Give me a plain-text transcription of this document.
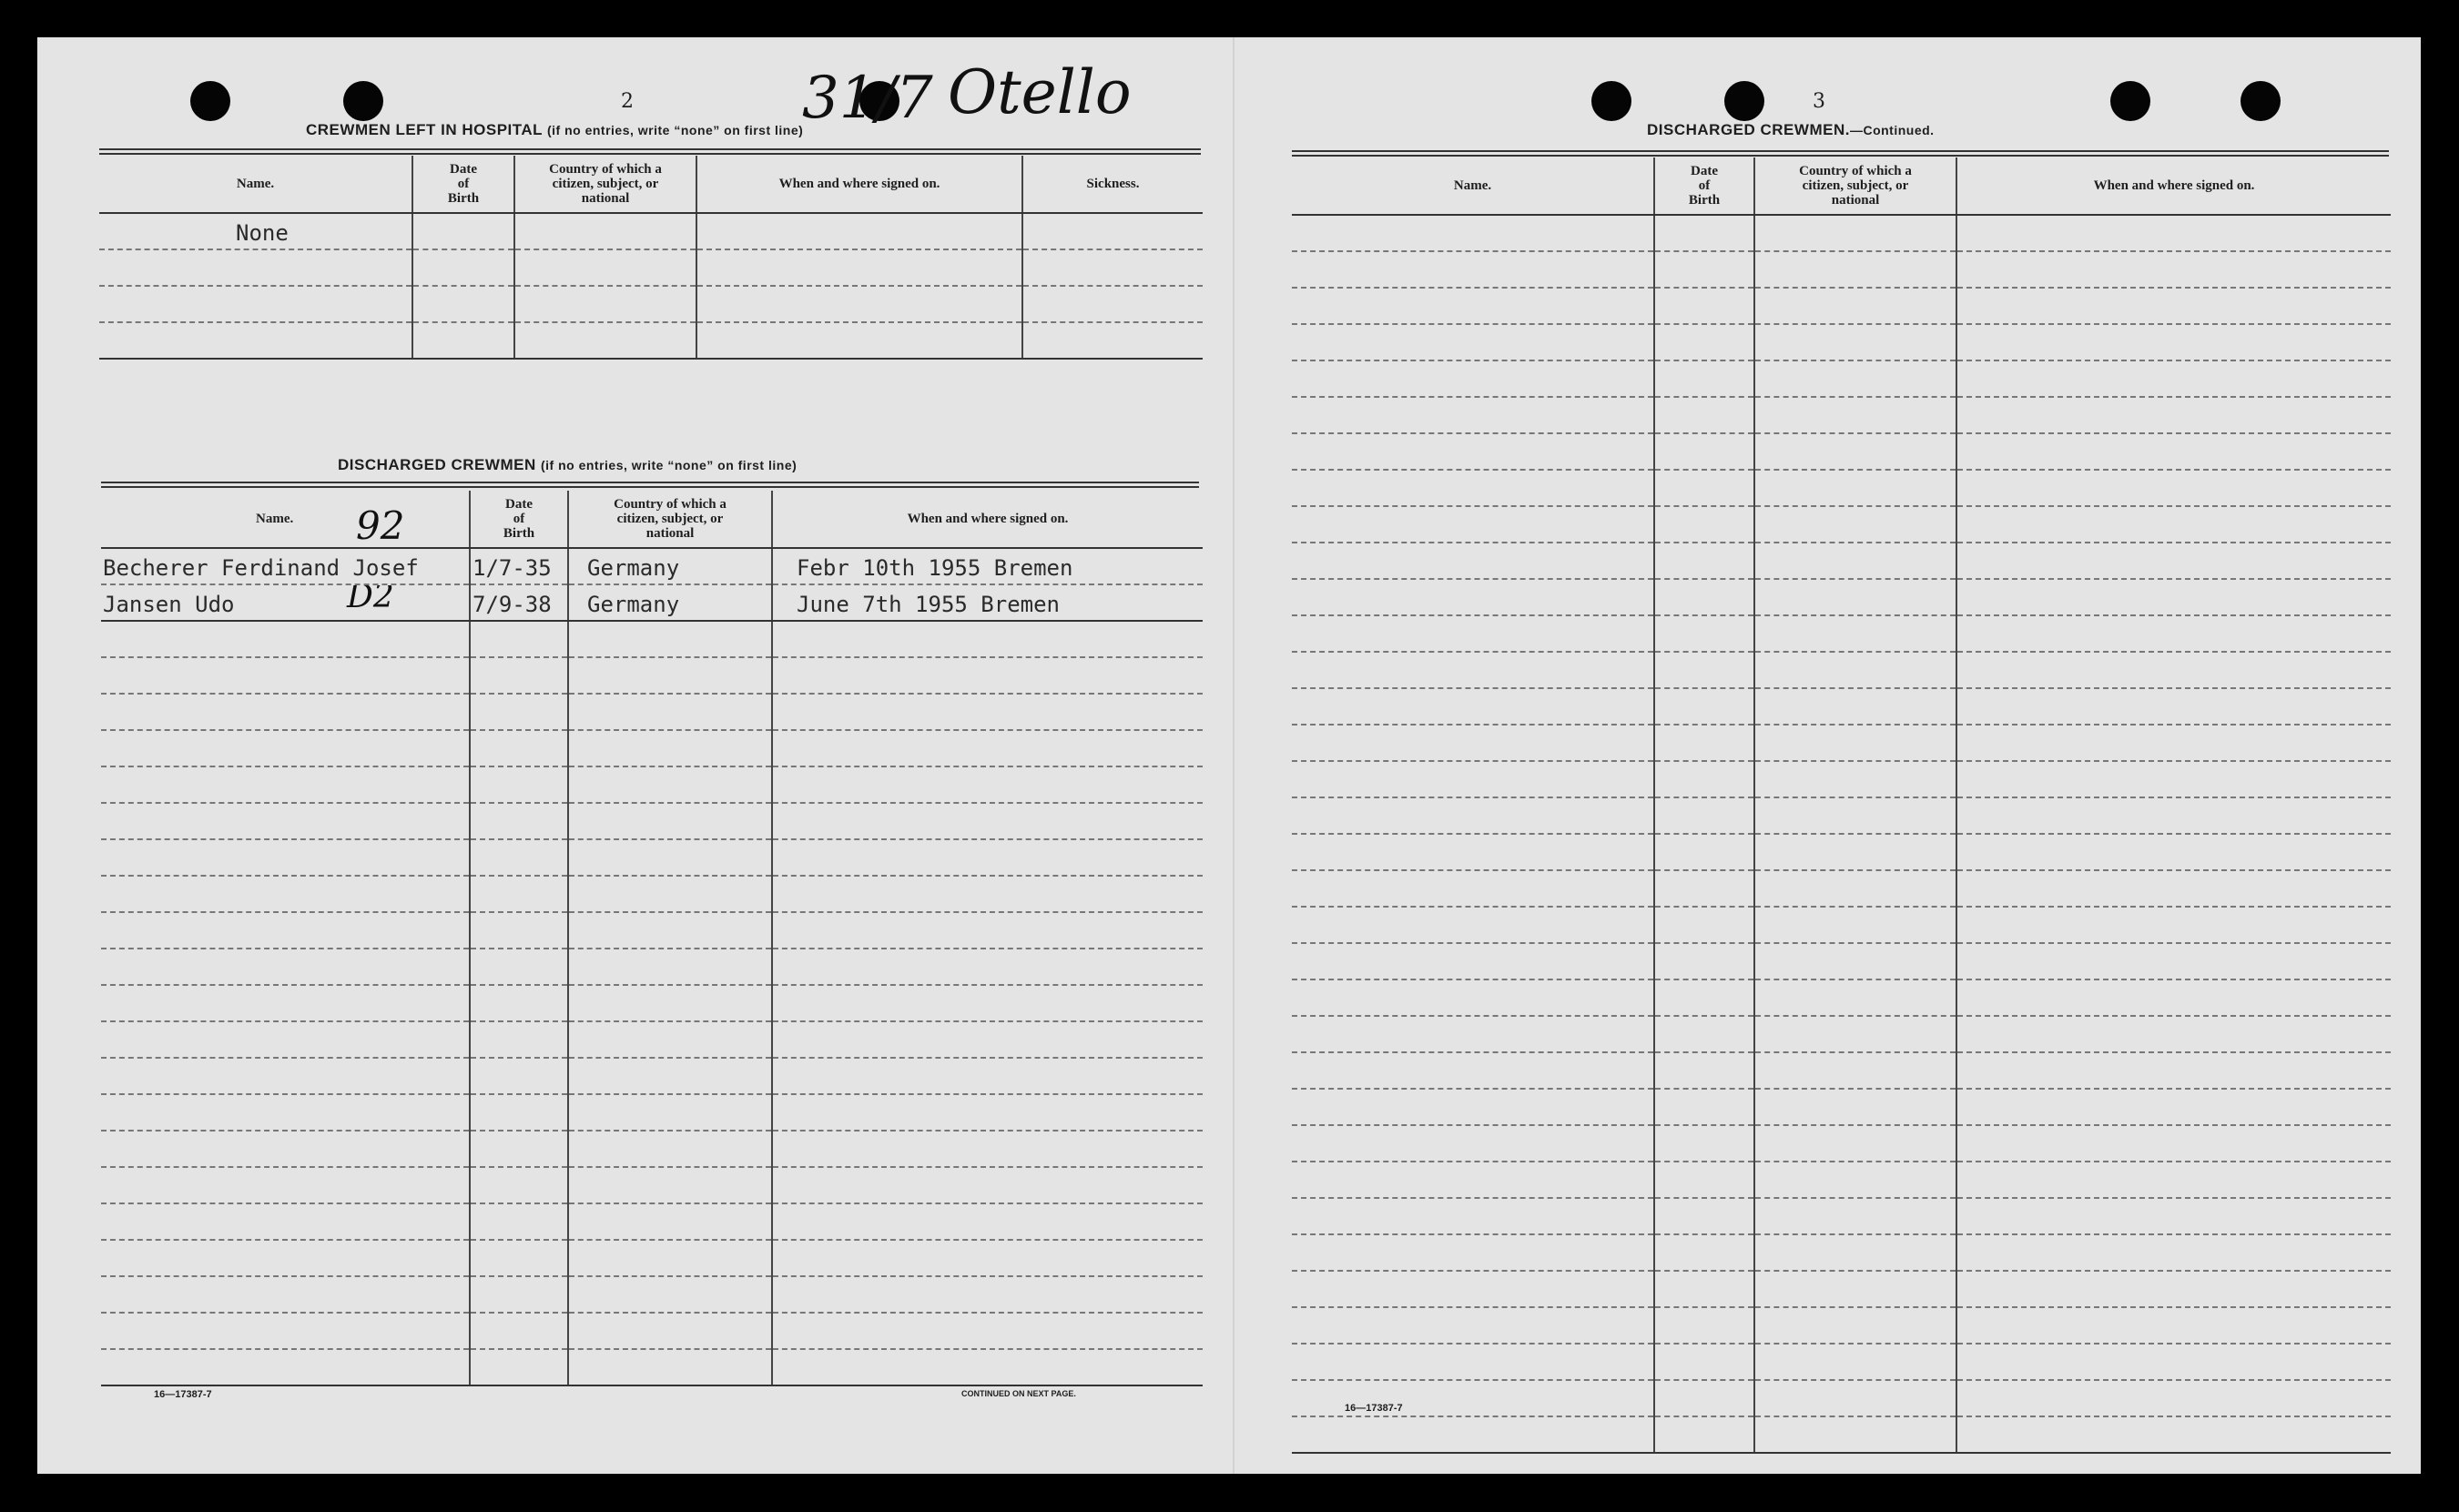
2	31/7 Otello
CREWMEN LEFT IN HOSPITAL (if no entries, write “none” on first line)
Name.	Date
of
Birth	Country of which a
citizen, subject, or
national	When and where signed on.	Sickness.
None				

DISCHARGED CREWMEN (if no entries, write “none” on first line)
92
Name.	Date
of
Birth	Country of which a
citizen, subject, or
national	When and where signed on.
Becherer Ferdinand Josef	1/7-35	Germany	Febr 10th 1955 Bremen
Jansen Udo D2	7/9-38	Germany	June 7th 1955 Bremen

16—17387-7	CONTINUED ON NEXT PAGE.
3
DISCHARGED CREWMEN.—Continued.
Name.	Date
of
Birth	Country of which a
citizen, subject, or
national	When and where signed on.

16—17387-7
